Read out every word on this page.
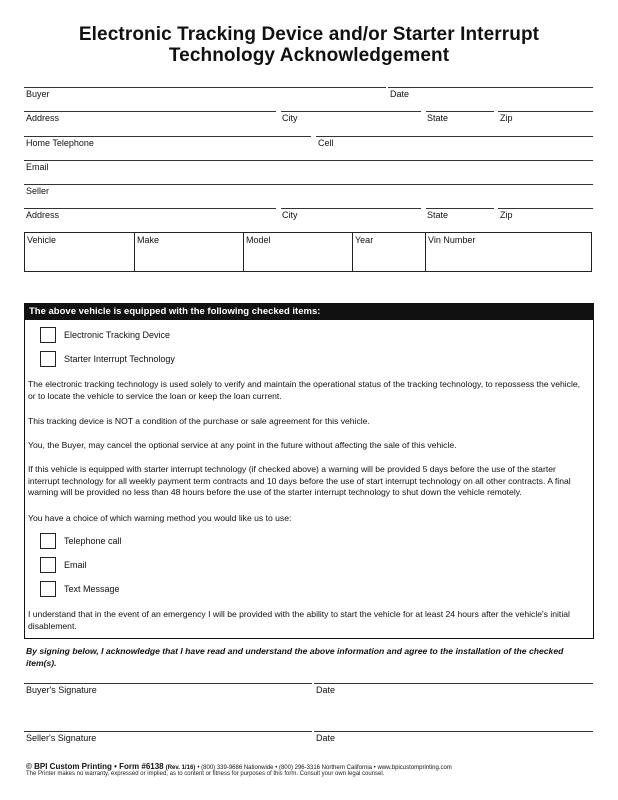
Electronic Tracking Device and/or Starter Interrupt
Technology Acknowledgement
Buyer	Date
Address	City	State	Zip
Home Telephone	Cell
Email
Seller
Address	City	State	Zip
Vehicle	Make	Model	Year	Vin Number
The above vehicle is equipped with the following checked items:
Electronic Tracking Device
Starter Interrupt Technology
The electronic tracking technology is used solely to verify and maintain the operational status of the tracking technology, to repossess the vehicle, or to locate the vehicle to service the loan or keep the loan current.
This tracking device is NOT a condition of the purchase or sale agreement for this vehicle.
You, the Buyer, may cancel the optional service at any point in the future without affecting the sale of this vehicle.
If this vehicle is equipped with starter interrupt technology (if checked above) a warning will be provided 5 days before the use of the starter interrupt technology for all weekly payment term contracts and 10 days before the use of start interrupt technology on all other contracts. A final warning will be provided no less than 48 hours before the use of the starter interrupt technology to shut down the vehicle remotely.
You have a choice of which warning method you would like us to use:
Telephone call
Email
Text Message
I understand that in the event of an emergency I will be provided with the ability to start the vehicle for at least 24 hours after the vehicle's initial disablement.
By signing below, I acknowledge that I have read and understand the above information and agree to the installation of the checked item(s).
Buyer's Signature	Date
Seller's Signature	Date
© BPI Custom Printing • Form #6138 (Rev. 1/16) • (800) 339-9686 Nationwide • (800) 296-3316 Northern California • www.bpicustomprinting.com
The Printer makes no warranty, expressed or implied, as to content or fitness for purposes of this form. Consult your own legal counsel.
